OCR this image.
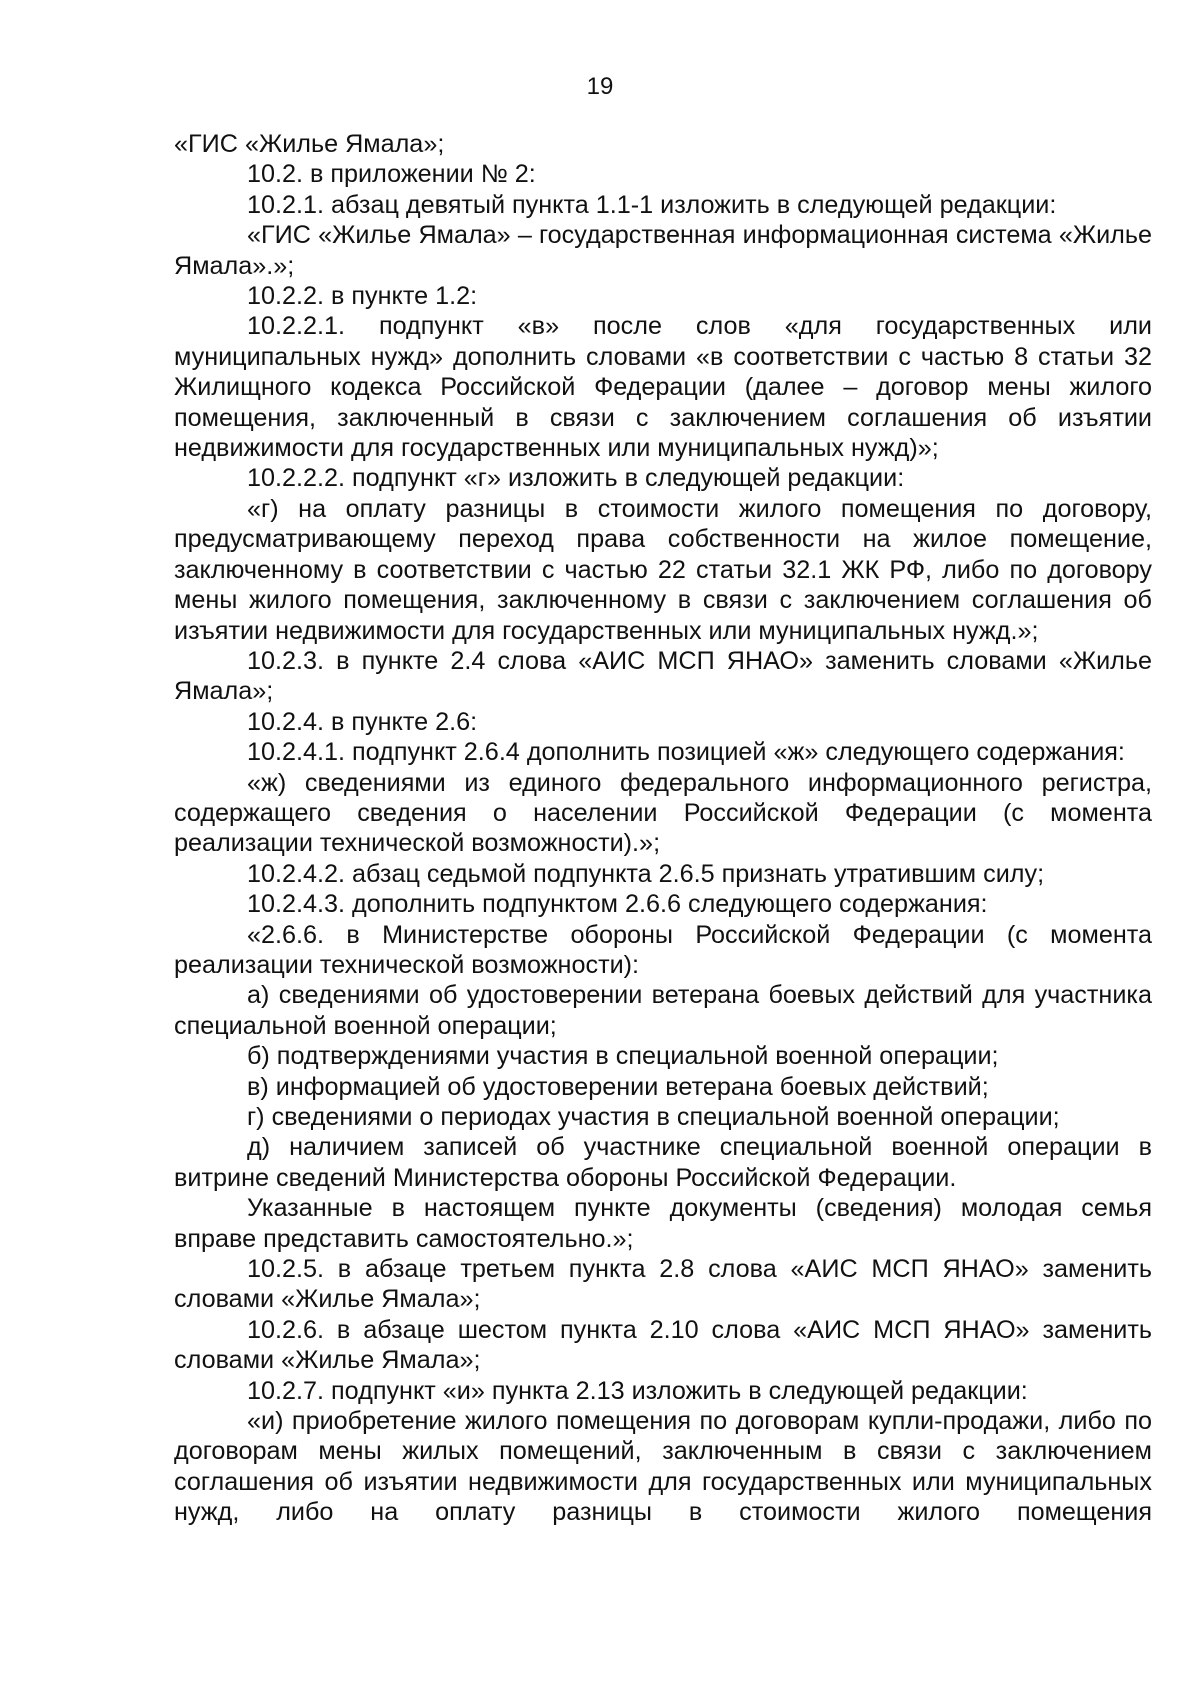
19

«ГИС «Жилье Ямала»;

10.2. в приложении № 2:

10.2.1. абзац девятый пункта 1.1-1 изложить в следующей редакции:

«ГИС «Жилье Ямала» – государственная информационная система «Жилье Ямала».»;

10.2.2. в пункте 1.2:

10.2.2.1. подпункт «в» после слов «для государственных или муниципальных нужд» дополнить словами «в соответствии с частью 8 статьи 32 Жилищного кодекса Российской Федерации (далее – договор мены жилого помещения, заключенный в связи с заключением соглашения об изъятии недвижимости для государственных или муниципальных нужд)»;

10.2.2.2. подпункт «г» изложить в следующей редакции:

«г) на оплату разницы в стоимости жилого помещения по договору, предусматривающему переход права собственности на жилое помещение, заключенному в соответствии с частью 22 статьи 32.1 ЖК РФ, либо по договору мены жилого помещения, заключенному в связи с заключением соглашения об изъятии недвижимости для государственных или муниципальных нужд.»;

10.2.3. в пункте 2.4 слова «АИС МСП ЯНАО» заменить словами «Жилье Ямала»;

10.2.4. в пункте 2.6:

10.2.4.1. подпункт 2.6.4 дополнить позицией «ж» следующего содержания:

«ж) сведениями из единого федерального информационного регистра, содержащего сведения о населении Российской Федерации (с момента реализации технической возможности).»;

10.2.4.2. абзац седьмой подпункта 2.6.5 признать утратившим силу;

10.2.4.3. дополнить подпунктом 2.6.6 следующего содержания:

«2.6.6. в Министерстве обороны Российской Федерации (с момента реализации технической возможности):

а) сведениями об удостоверении ветерана боевых действий для участника специальной военной операции;

б) подтверждениями участия в специальной военной операции;

в) информацией об удостоверении ветерана боевых действий;

г) сведениями о периодах участия в специальной военной операции;

д) наличием записей об участнике специальной военной операции в витрине сведений Министерства обороны Российской Федерации.

Указанные в настоящем пункте документы (сведения) молодая семья вправе представить самостоятельно.»;

10.2.5. в абзаце третьем пункта 2.8 слова «АИС МСП ЯНАО» заменить словами «Жилье Ямала»;

10.2.6. в абзаце шестом пункта 2.10 слова «АИС МСП ЯНАО» заменить словами «Жилье Ямала»;

10.2.7. подпункт «и» пункта 2.13 изложить в следующей редакции:

«и) приобретение жилого помещения по договорам купли-продажи, либо по договорам мены жилых помещений, заключенным в связи с заключением соглашения об изъятии недвижимости для государственных или муниципальных нужд, либо на оплату разницы в стоимости жилого помещения
